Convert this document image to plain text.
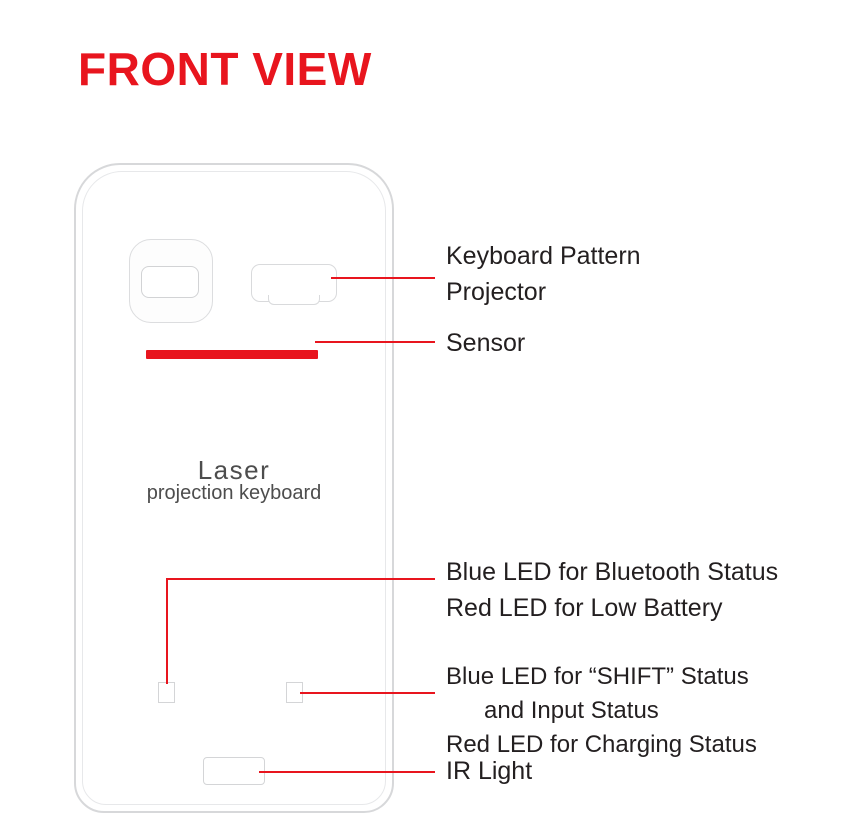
FRONT VIEW
Laser
projection keyboard
Keyboard Pattern
Projector
Sensor
Blue LED for Bluetooth Status
Red LED for Low Battery
Blue LED for “SHIFT” Status
and Input Status
Red LED for Charging Status
IR Light
